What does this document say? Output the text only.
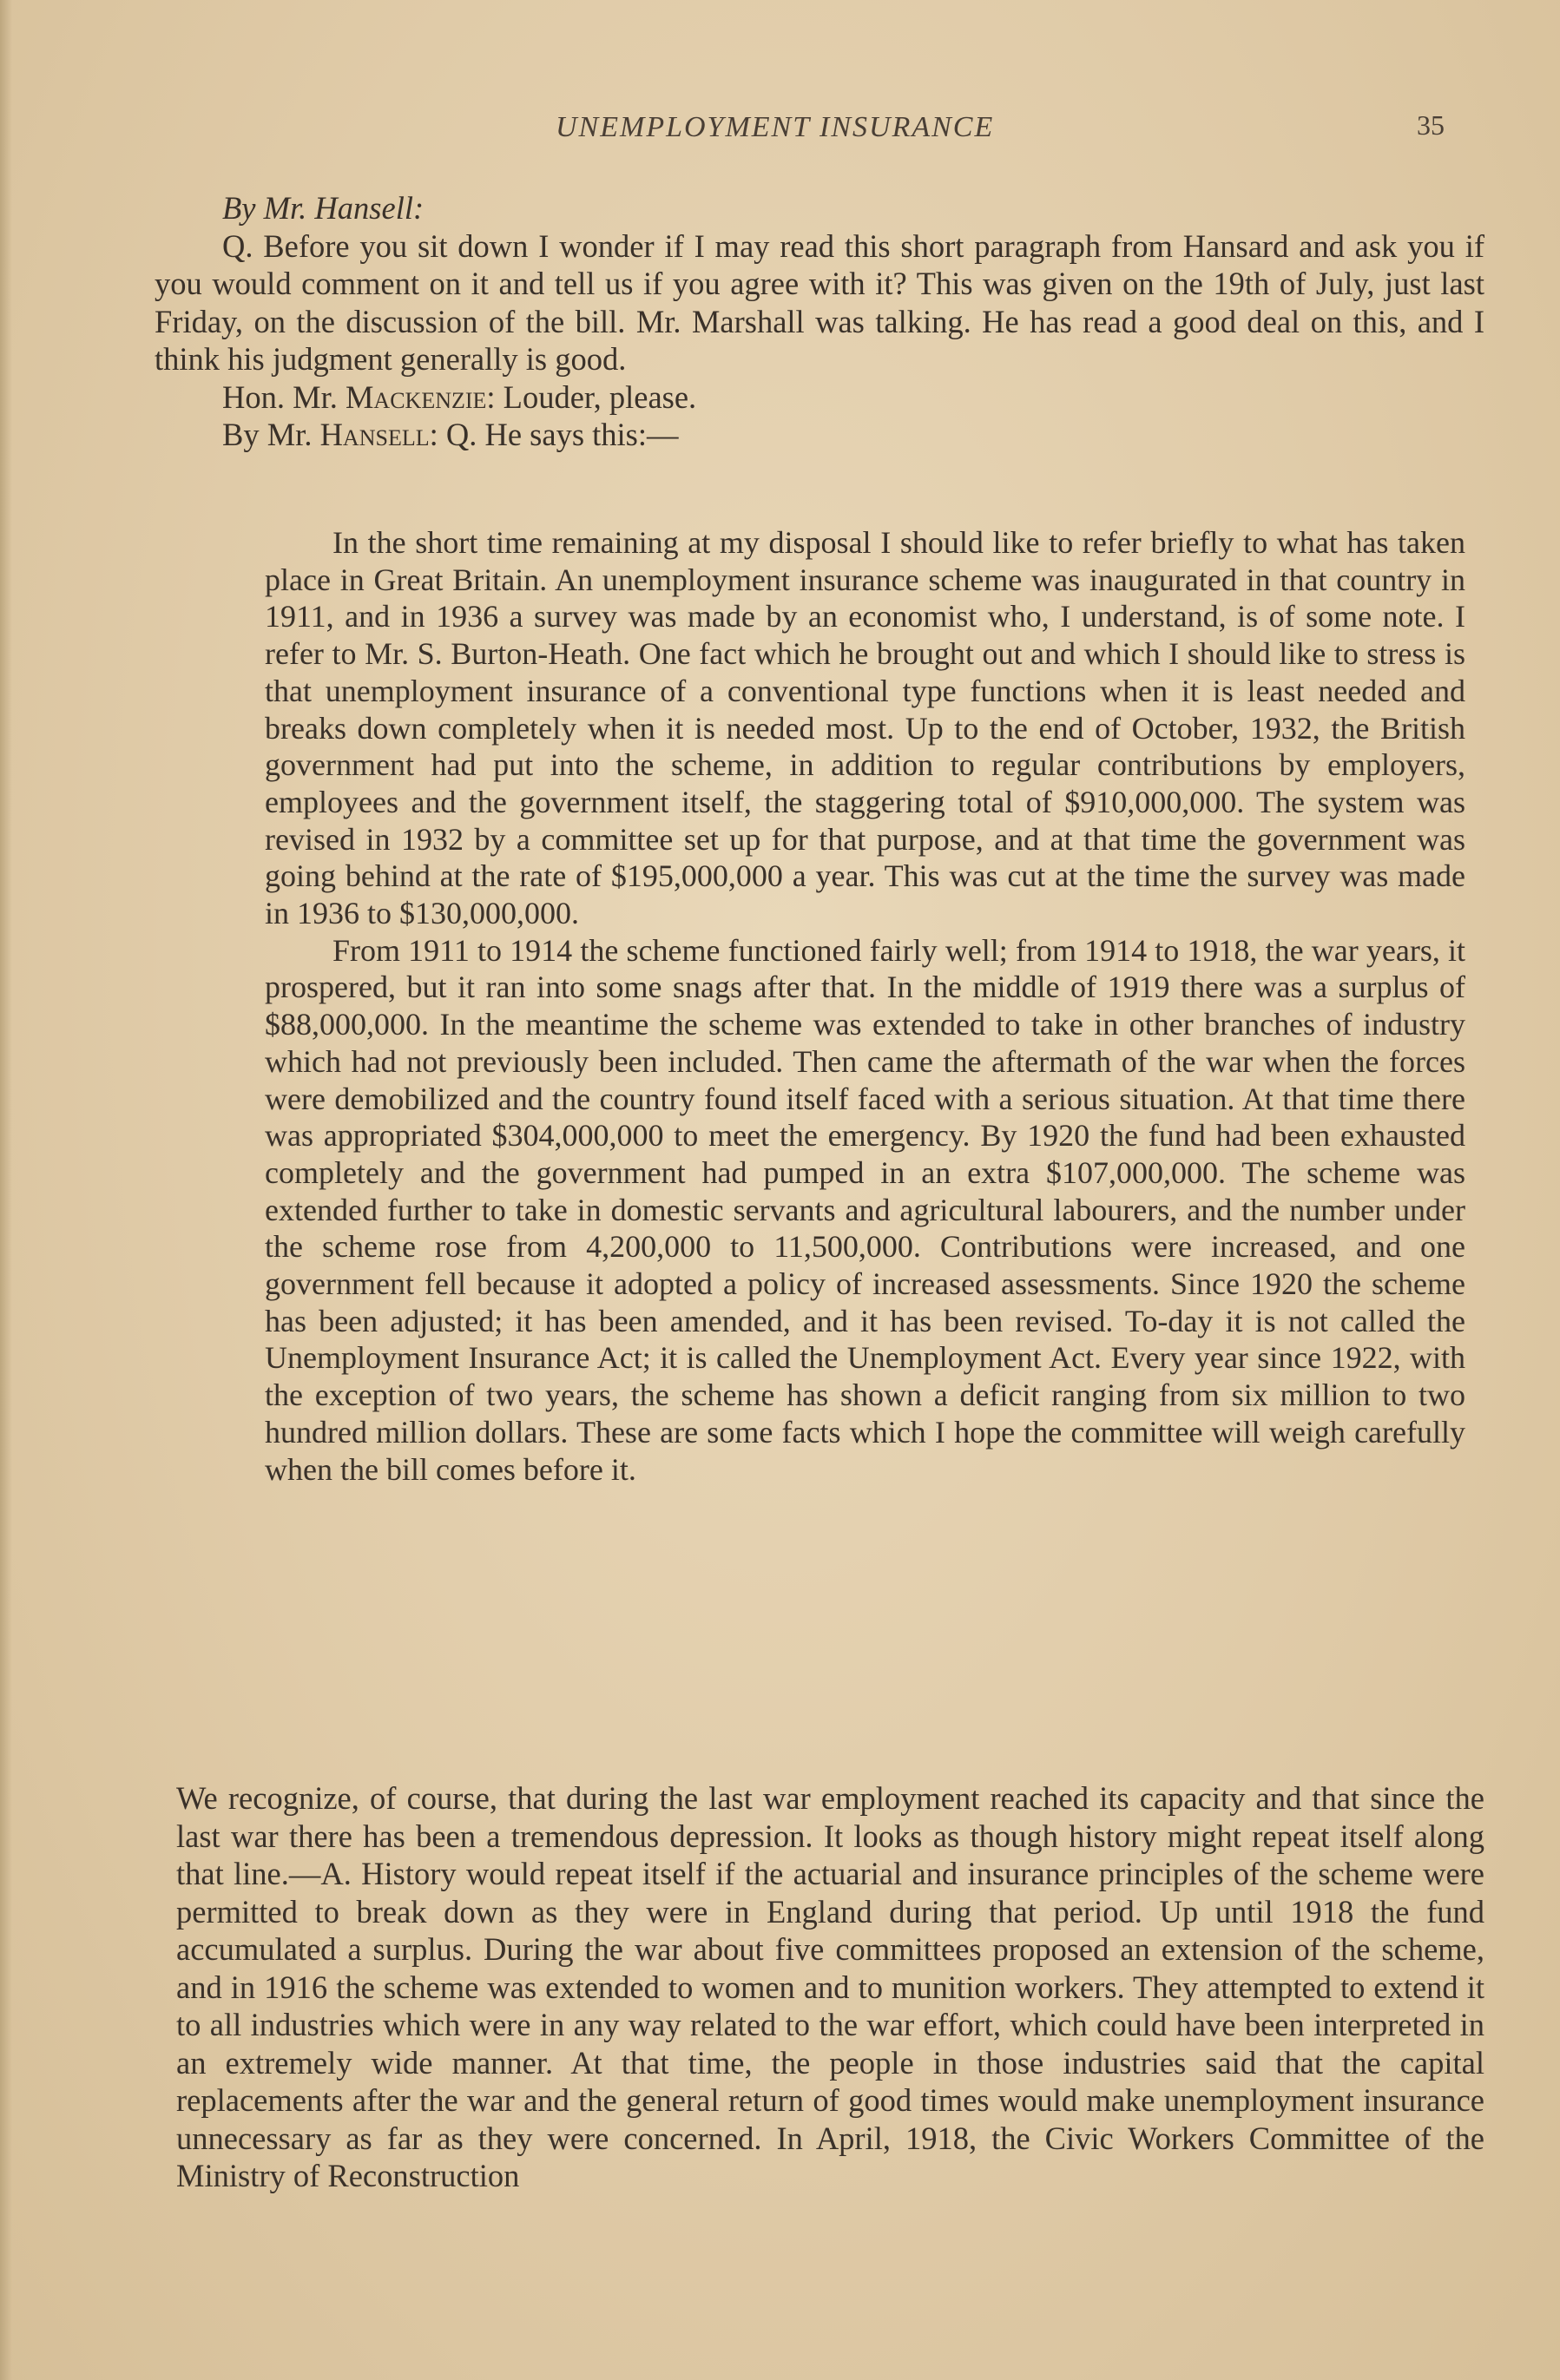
UNEMPLOYMENT INSURANCE	35

By Mr. Hansell:

Q. Before you sit down I wonder if I may read this short paragraph from Hansard and ask you if you would comment on it and tell us if you agree with it? This was given on the 19th of July, just last Friday, on the discussion of the bill. Mr. Marshall was talking. He has read a good deal on this, and I think his judgment generally is good.

Hon. Mr. Mackenzie: Louder, please.

By Mr. Hansell: Q. He says this:—

In the short time remaining at my disposal I should like to refer briefly to what has taken place in Great Britain. An unemployment insurance scheme was inaugurated in that country in 1911, and in 1936 a survey was made by an economist who, I understand, is of some note. I refer to Mr. S. Burton-Heath. One fact which he brought out and which I should like to stress is that unemployment insurance of a conventional type functions when it is least needed and breaks down completely when it is needed most. Up to the end of October, 1932, the British government had put into the scheme, in addition to regular contributions by employers, employees and the government itself, the staggering total of $910,000,000. The system was revised in 1932 by a committee set up for that purpose, and at that time the government was going behind at the rate of $195,000,000 a year. This was cut at the time the survey was made in 1936 to $130,000,000.

From 1911 to 1914 the scheme functioned fairly well; from 1914 to 1918, the war years, it prospered, but it ran into some snags after that. In the middle of 1919 there was a surplus of $88,000,000. In the meantime the scheme was extended to take in other branches of industry which had not previously been included. Then came the aftermath of the war when the forces were demobilized and the country found itself faced with a serious situation. At that time there was appropriated $304,000,000 to meet the emergency. By 1920 the fund had been exhausted completely and the government had pumped in an extra $107,000,000. The scheme was extended further to take in domestic servants and agricultural labourers, and the number under the scheme rose from 4,200,000 to 11,500,000. Contributions were increased, and one government fell because it adopted a policy of increased assessments. Since 1920 the scheme has been adjusted; it has been amended, and it has been revised. To-day it is not called the Unemployment Insurance Act; it is called the Unemployment Act. Every year since 1922, with the exception of two years, the scheme has shown a deficit ranging from six million to two hundred million dollars. These are some facts which I hope the committee will weigh carefully when the bill comes before it.

We recognize, of course, that during the last war employment reached its capacity and that since the last war there has been a tremendous depression. It looks as though history might repeat itself along that line.—A. History would repeat itself if the actuarial and insurance principles of the scheme were permitted to break down as they were in England during that period. Up until 1918 the fund accumulated a surplus. During the war about five committees proposed an extension of the scheme, and in 1916 the scheme was extended to women and to munition workers. They attempted to extend it to all industries which were in any way related to the war effort, which could have been interpreted in an extremely wide manner. At that time, the people in those industries said that the capital replacements after the war and the general return of good times would make unemployment insurance unnecessary as far as they were concerned. In April, 1918, the Civic Workers Committee of the Ministry of Reconstruction
